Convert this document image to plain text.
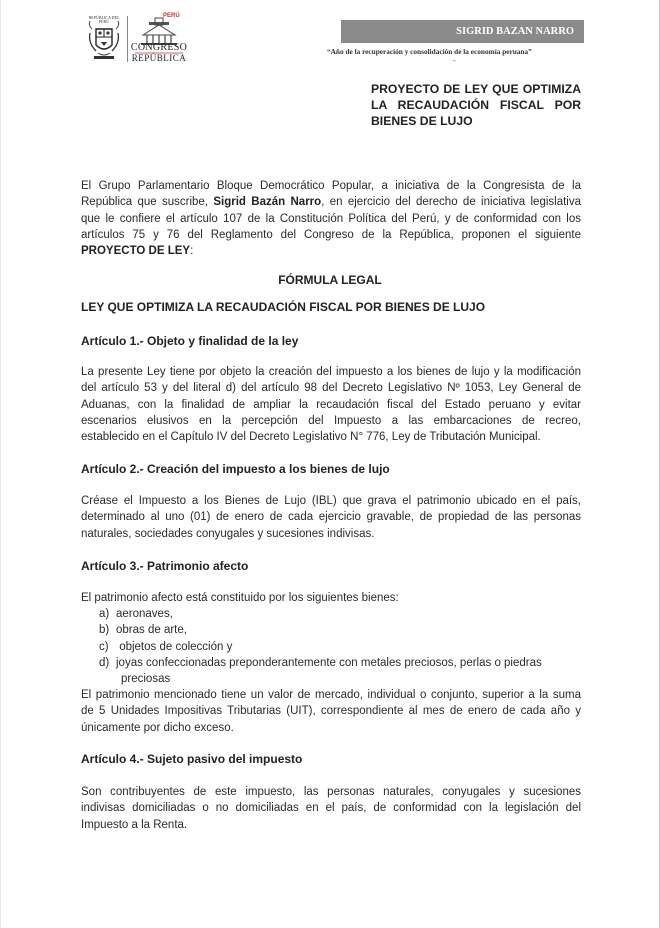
REPÚBLICA DEL PERÚ
PERÚ
CONGRESO
REPÚBLICA
SIGRID BAZAN NARRO
“Año de la recuperación y consolidación de la economía peruana”
-
PROYECTO DE LEY QUE OPTIMIZA
LA RECAUDACIÓN FISCAL POR
BIENES DE LUJO
El Grupo Parlamentario Bloque Democrático Popular, a iniciativa de la Congresista de la
República que suscribe, Sigrid Bazán Narro, en ejercicio del derecho de iniciativa legislativa
que le confiere el artículo 107 de la Constitución Política del Perú, y de conformidad con los
artículos 75 y 76 del Reglamento del Congreso de la República, proponen el siguiente
PROYECTO DE LEY:
FÓRMULA LEGAL
LEY QUE OPTIMIZA LA RECAUDACIÓN FISCAL POR BIENES DE LUJO
Artículo 1.- Objeto y finalidad de la ley
La presente Ley tiene por objeto la creación del impuesto a los bienes de lujo y la modificación
del artículo 53 y del literal d) del artículo 98 del Decreto Legislativo Nº 1053, Ley General de
Aduanas, con la finalidad de ampliar la recaudación fiscal del Estado peruano y evitar
escenarios elusivos en la percepción del Impuesto a las embarcaciones de recreo,
establecido en el Capítulo IV del Decreto Legislativo N° 776, Ley de Tributación Municipal.
Artículo 2.- Creación del impuesto a los bienes de lujo
Créase el Impuesto a los Bienes de Lujo (IBL) que grava el patrimonio ubicado en el país,
determinado al uno (01) de enero de cada ejercicio gravable, de propiedad de las personas
naturales, sociedades conyugales y sucesiones indivisas.
Artículo 3.- Patrimonio afecto
El patrimonio afecto está constituido por los siguientes bienes:
a) aeronaves,
b) obras de arte,
c) objetos de colección y
d) joyas confeccionadas preponderantemente con metales preciosos, perlas o piedras
preciosas
El patrimonio mencionado tiene un valor de mercado, individual o conjunto, superior a la suma
de 5 Unidades Impositivas Tributarias (UIT), correspondiente al mes de enero de cada año y
únicamente por dicho exceso.
Artículo 4.- Sujeto pasivo del impuesto
Son contribuyentes de este impuesto, las personas naturales, conyugales y sucesiones
indivisas domiciliadas o no domiciliadas en el país, de conformidad con la legislación del
Impuesto a la Renta.
